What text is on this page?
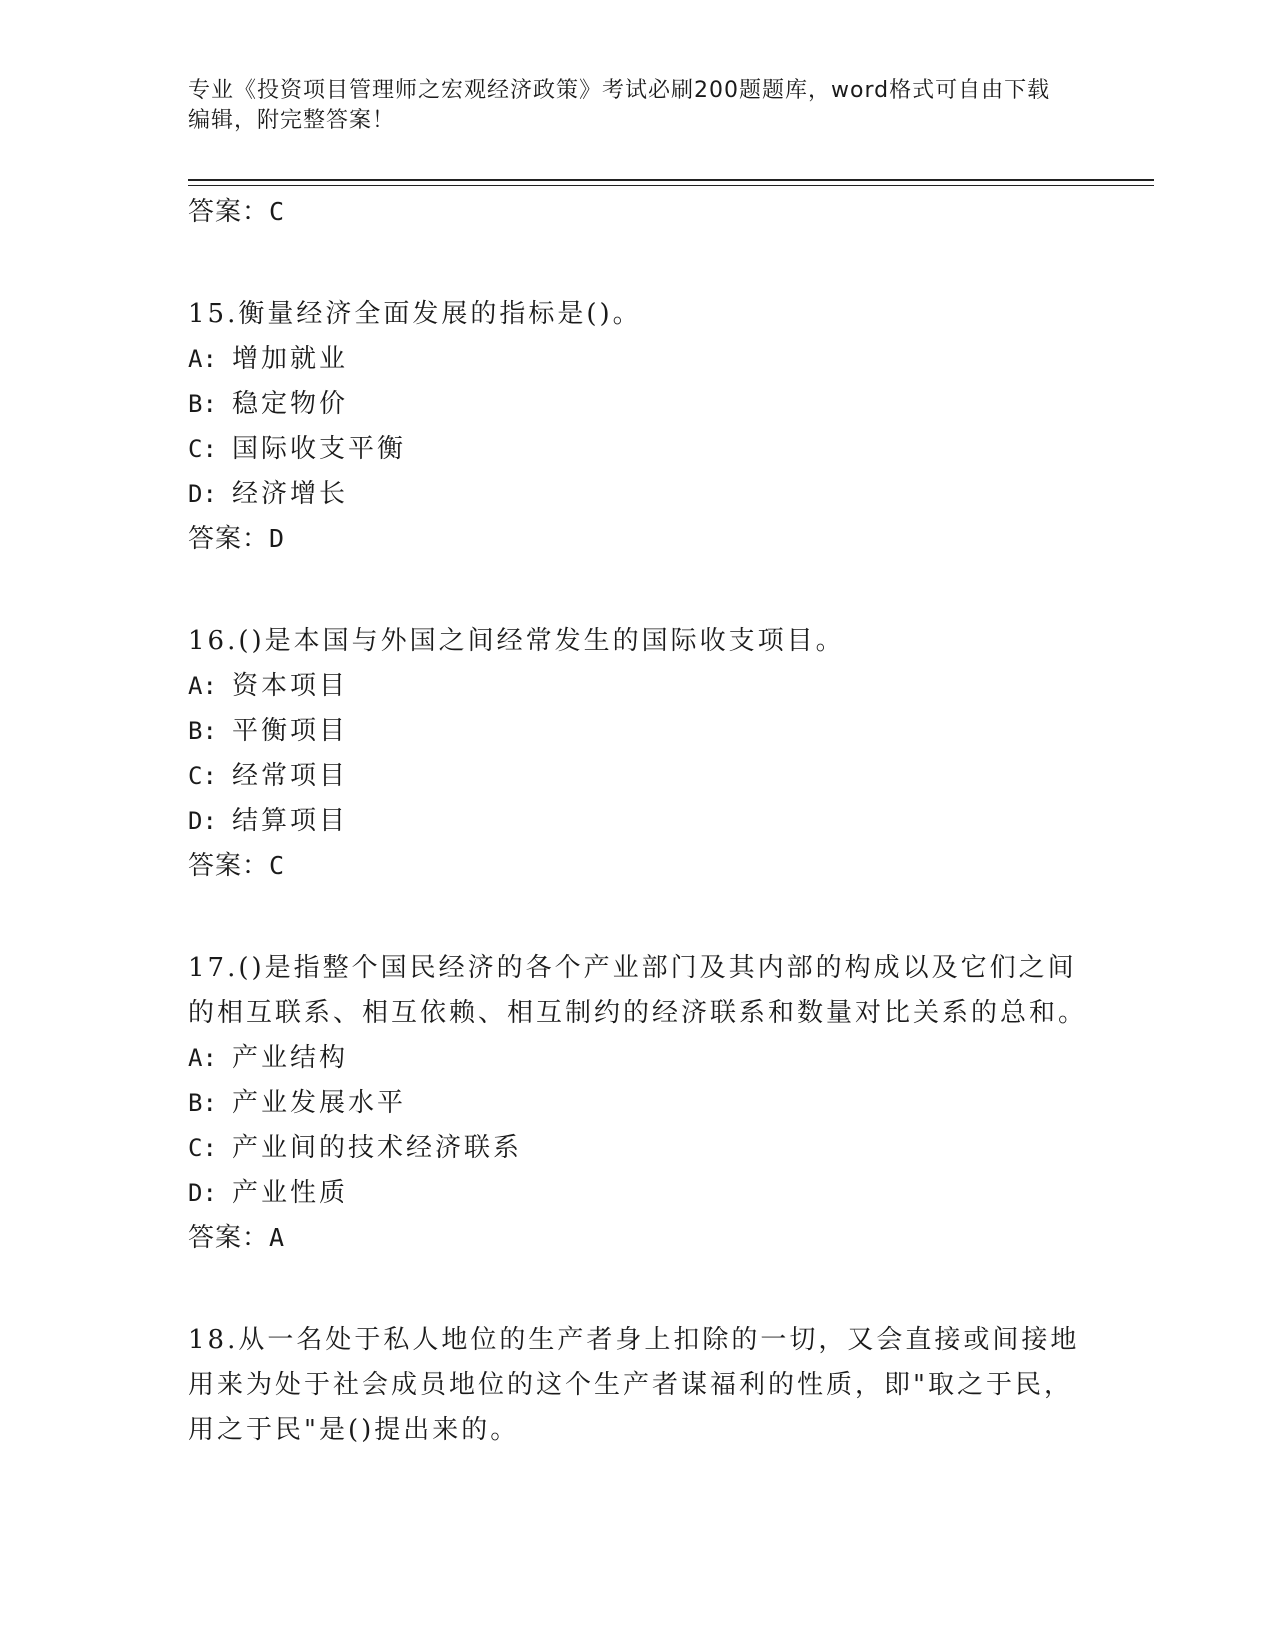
专业《投资项目管理师之宏观经济政策》考试必刷200题题库，word格式可自由下载编辑，附完整答案！
答案：C
15.衡量经济全面发展的指标是()。
A: 增加就业
B: 稳定物价
C: 国际收支平衡
D: 经济增长
答案：D
16.()是本国与外国之间经常发生的国际收支项目。
A: 资本项目
B: 平衡项目
C: 经常项目
D: 结算项目
答案：C
17.()是指整个国民经济的各个产业部门及其内部的构成以及它们之间的相互联系、相互依赖、相互制约的经济联系和数量对比关系的总和。
A: 产业结构
B: 产业发展水平
C: 产业间的技术经济联系
D: 产业性质
答案：A
18.从一名处于私人地位的生产者身上扣除的一切，又会直接或间接地用来为处于社会成员地位的这个生产者谋福利的性质，即"取之于民，用之于民"是()提出来的。
